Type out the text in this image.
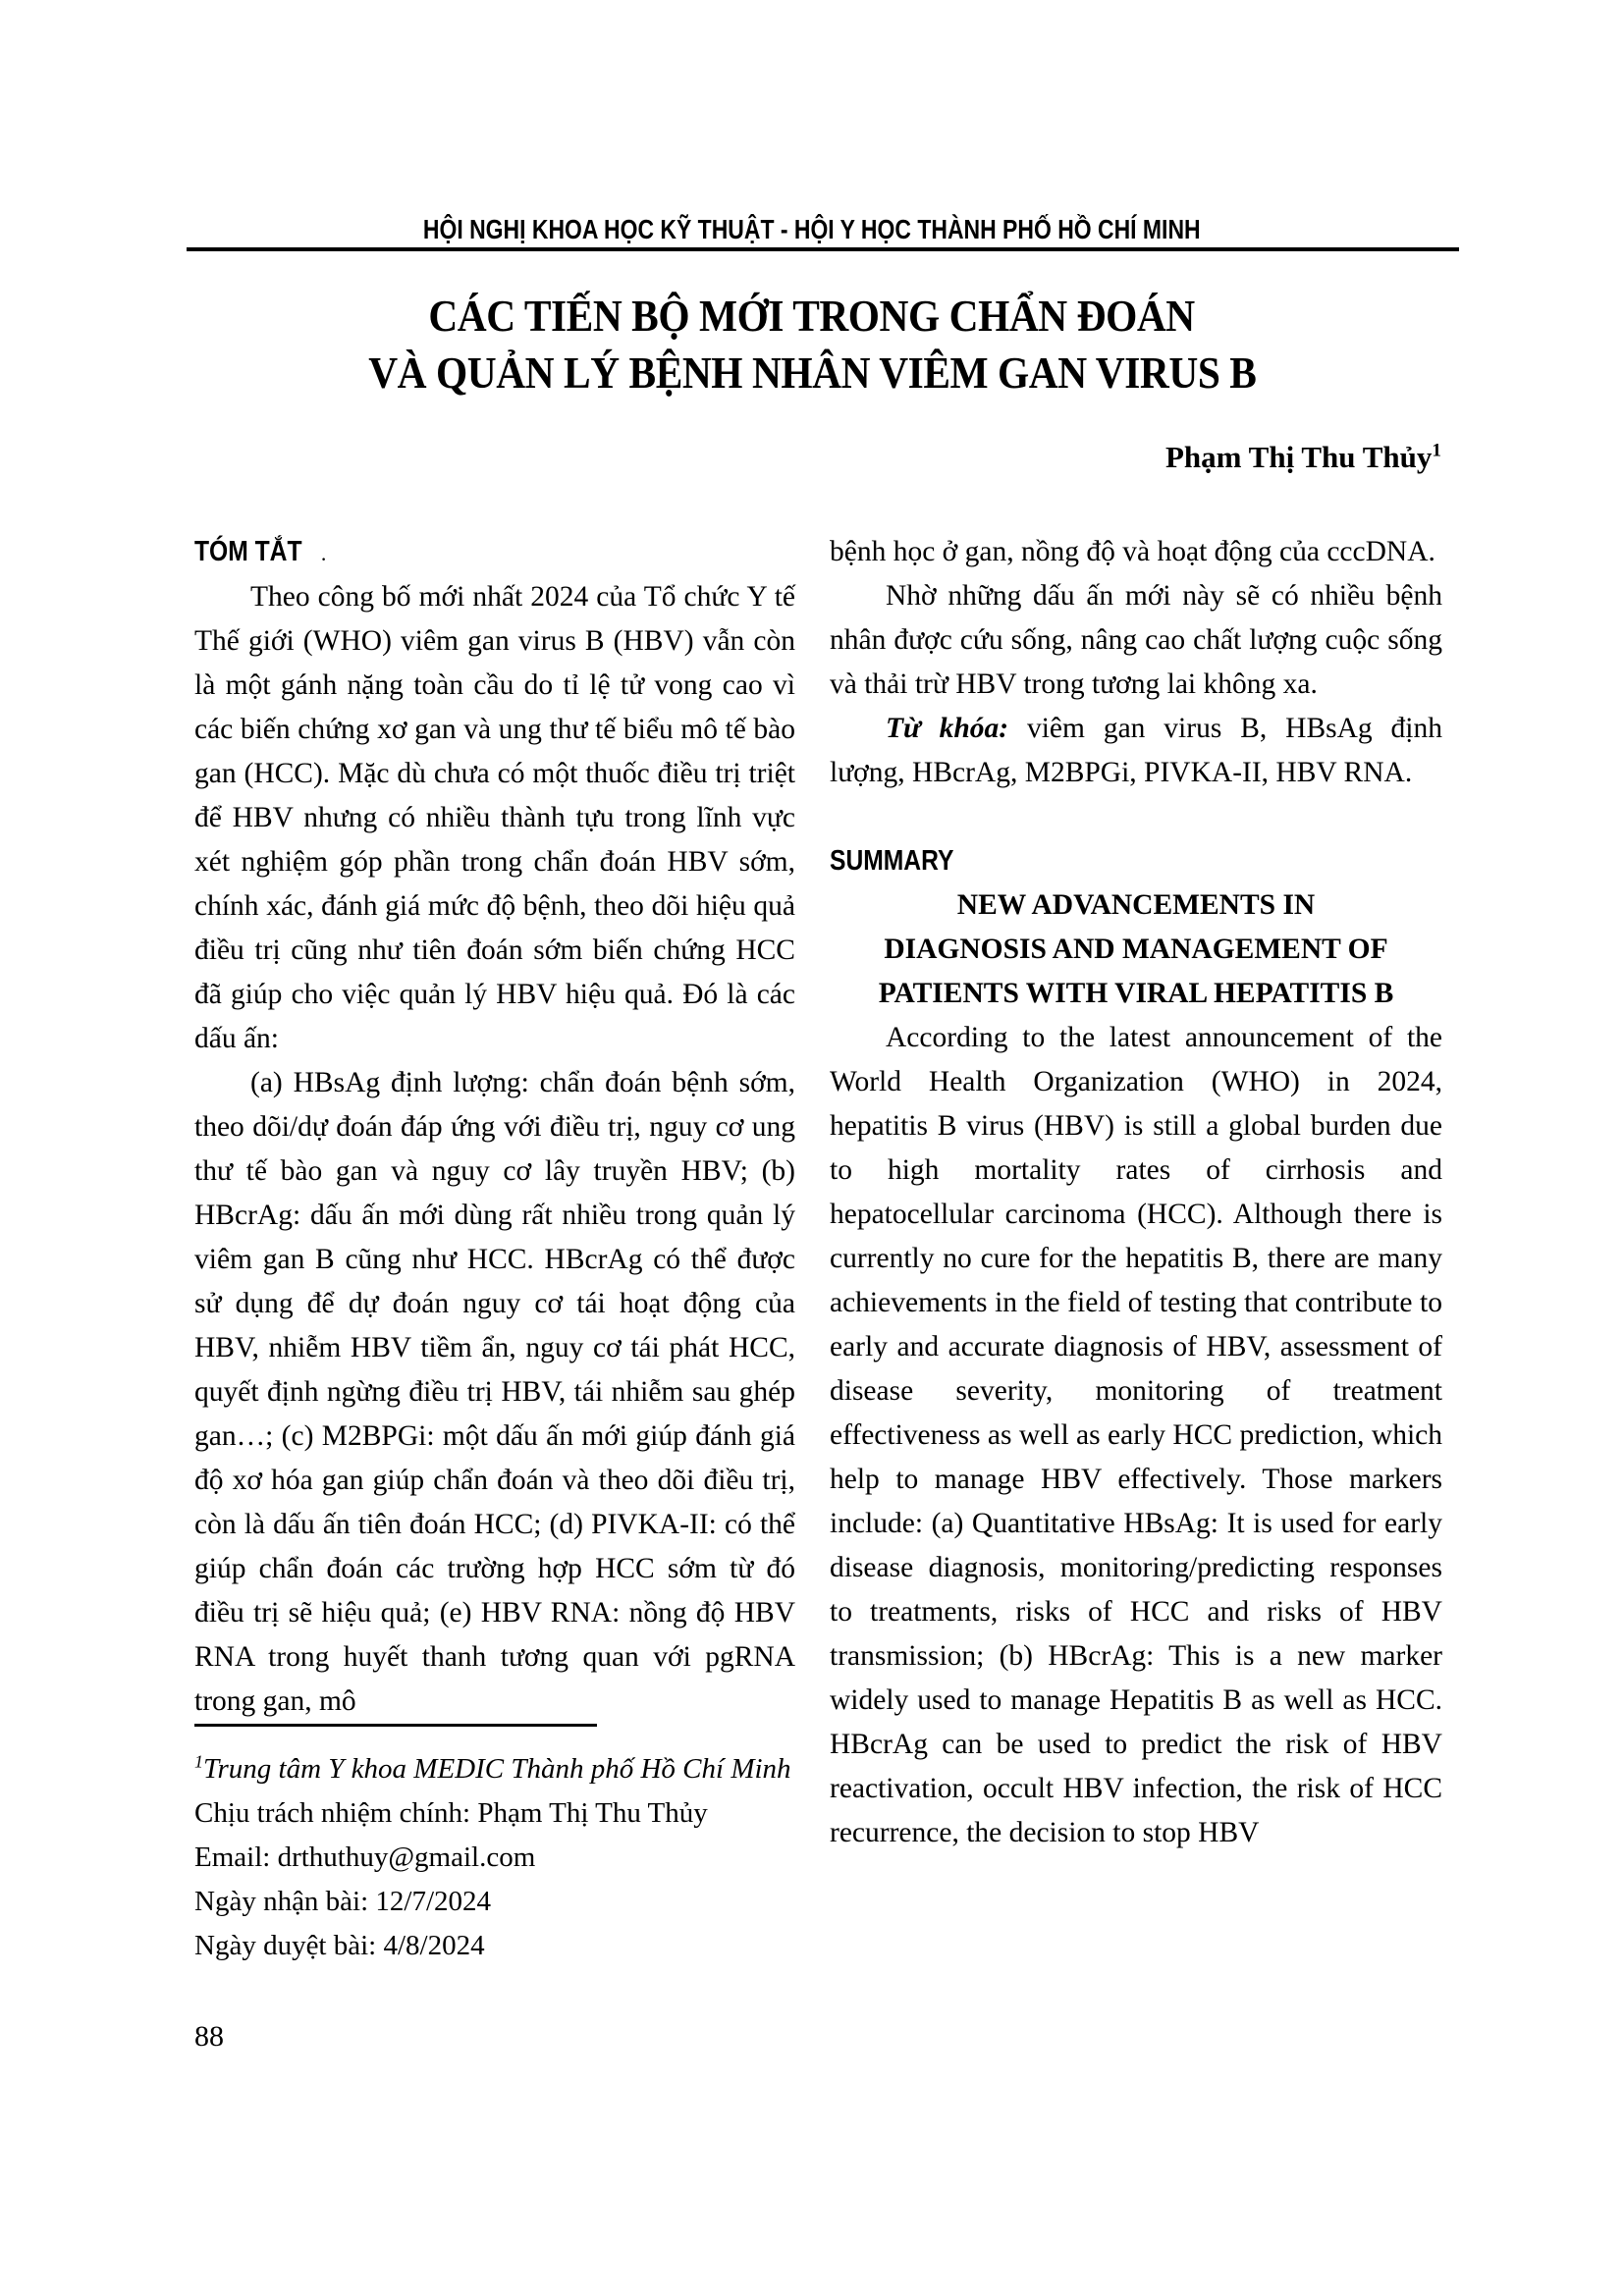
HỘI NGHỊ KHOA HỌC KỸ THUẬT - HỘI Y HỌC THÀNH PHỐ HỒ CHÍ MINH
CÁC TIẾN BỘ MỚI TRONG CHẨN ĐOÁN
VÀ QUẢN LÝ BỆNH NHÂN VIÊM GAN VIRUS B
Phạm Thị Thu Thủy$^1$
TÓM TẮT .

Theo công bố mới nhất 2024 của Tổ chức Y tế Thế giới (WHO) viêm gan virus B (HBV) vẫn còn là một gánh nặng toàn cầu do tỉ lệ tử vong cao vì các biến chứng xơ gan và ung thư tế biểu mô tế bào gan (HCC). Mặc dù chưa có một thuốc điều trị triệt để HBV nhưng có nhiều thành tựu trong lĩnh vực xét nghiệm góp phần trong chẩn đoán HBV sớm, chính xác, đánh giá mức độ bệnh, theo dõi hiệu quả điều trị cũng như tiên đoán sớm biến chứng HCC đã giúp cho việc quản lý HBV hiệu quả. Đó là các dấu ấn:

(a) HBsAg định lượng: chẩn đoán bệnh sớm, theo dõi/dự đoán đáp ứng với điều trị, nguy cơ ung thư tế bào gan và nguy cơ lây truyền HBV; (b) HBcrAg: dấu ấn mới dùng rất nhiều trong quản lý viêm gan B cũng như HCC. HBcrAg có thể được sử dụng để dự đoán nguy cơ tái hoạt động của HBV, nhiễm HBV tiềm ẩn, nguy cơ tái phát HCC, quyết định ngừng điều trị HBV, tái nhiễm sau ghép gan…; (c) M2BPGi: một dấu ấn mới giúp đánh giá độ xơ hóa gan giúp chẩn đoán và theo dõi điều trị, còn là dấu ấn tiên đoán HCC; (d) PIVKA-II: có thể giúp chẩn đoán các trường hợp HCC sớm từ đó điều trị sẽ hiệu quả; (e) HBV RNA: nồng độ HBV RNA trong huyết thanh tương quan với pgRNA trong gan, mô

bệnh học ở gan, nồng độ và hoạt động của cccDNA.

Nhờ những dấu ấn mới này sẽ có nhiều bệnh nhân được cứu sống, nâng cao chất lượng cuộc sống và thải trừ HBV trong tương lai không xa.

Từ khóa: viêm gan virus B, HBsAg định lượng, HBcrAg, M2BPGi, PIVKA-II, HBV RNA.

SUMMARY
NEW ADVANCEMENTS IN
DIAGNOSIS AND MANAGEMENT OF
PATIENTS WITH VIRAL HEPATITIS B

According to the latest announcement of the World Health Organization (WHO) in 2024, hepatitis B virus (HBV) is still a global burden due to high mortality rates of cirrhosis and hepatocellular carcinoma (HCC). Although there is currently no cure for the hepatitis B, there are many achievements in the field of testing that contribute to early and accurate diagnosis of HBV, assessment of disease severity, monitoring of treatment effectiveness as well as early HCC prediction, which help to manage HBV effectively. Those markers include: (a) Quantitative HBsAg: It is used for early disease diagnosis, monitoring/predicting responses to treatments, risks of HCC and risks of HBV transmission; (b) HBcrAg: This is a new marker widely used to manage Hepatitis B as well as HCC. HBcrAg can be used to predict the risk of HBV reactivation, occult HBV infection, the risk of HCC recurrence, the decision to stop HBV

$^1$Trung tâm Y khoa MEDIC Thành phố Hồ Chí Minh

Chịu trách nhiệm chính: Phạm Thị Thu Thủy

Email: drthuthuy@gmail.com

Ngày nhận bài: 12/7/2024

Ngày duyệt bài: 4/8/2024

88
